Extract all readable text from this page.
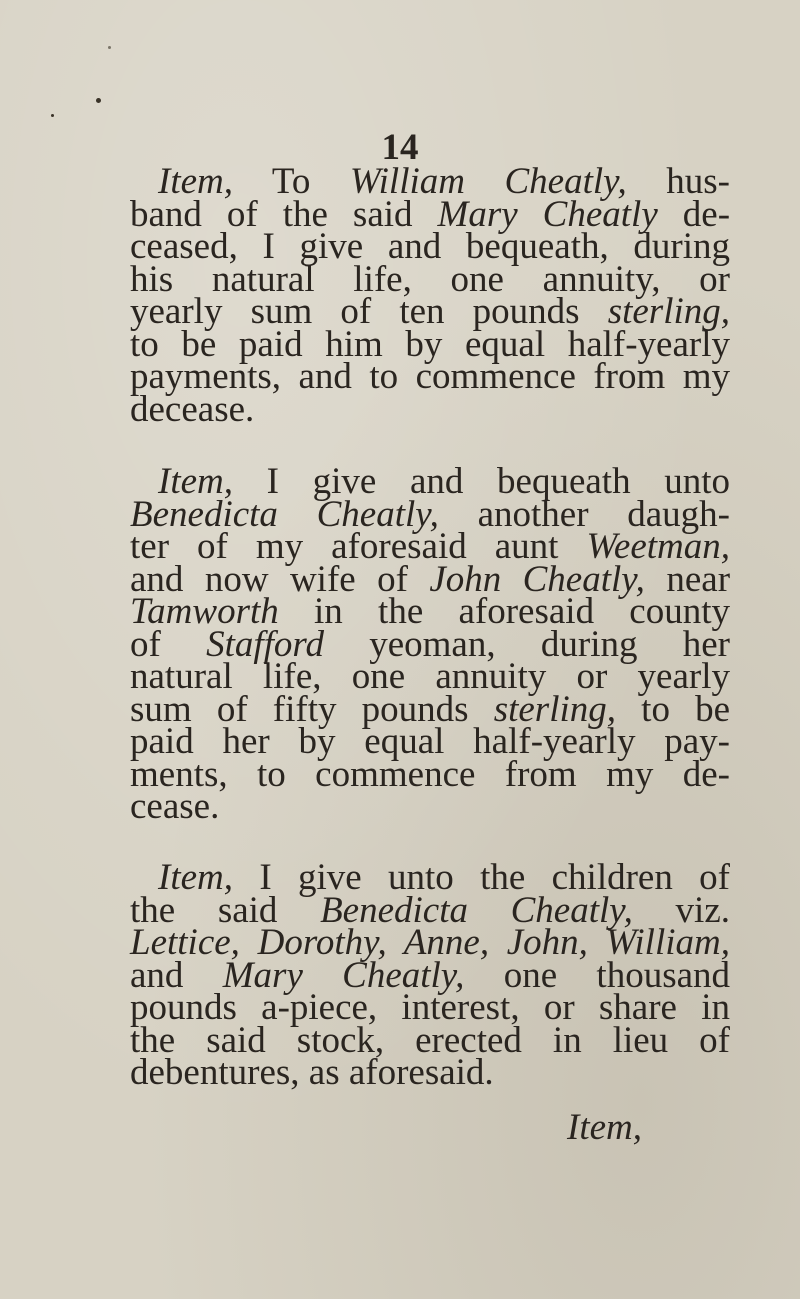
14
Item, To William Cheatly, hus-
band of the said Mary Cheatly de-
ceased, I give and bequeath, during
his natural life, one annuity, or
yearly sum of ten pounds sterling,
to be paid him by equal half-yearly
payments, and to commence from my
decease.
Item, I give and bequeath unto
Benedicta Cheatly, another daugh-
ter of my aforesaid aunt Weetman,
and now wife of John Cheatly, near
Tamworth in the aforesaid county
of Stafford yeoman, during her
natural life, one annuity or yearly
sum of fifty pounds sterling, to be
paid her by equal half-yearly pay-
ments, to commence from my de-
cease.
Item, I give unto the children of
the said Benedicta Cheatly, viz.
Lettice, Dorothy, Anne, John, William,
and Mary Cheatly, one thousand
pounds a-piece, interest, or share in
the said stock, erected in lieu of
debentures, as aforesaid.
Item,
